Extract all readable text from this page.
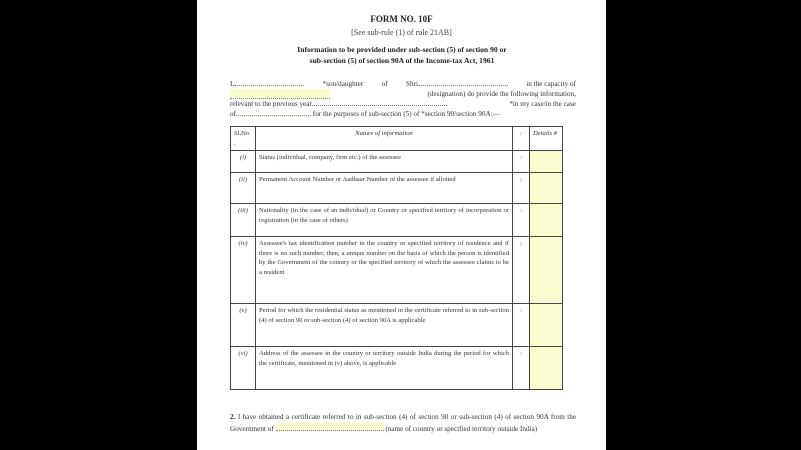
FORM NO. 10F
[See sub-rule (1) of rule 21AB]
Information to be provided under sub-section (5) of section 90 or
sub-section (5) of section 90A of the Income-tax Act, 1961
I,	*son/daughter	of	Shri	in the capacity of
(designation) do provide the following information,
relevant to the previous year	*in my case/in the case
of	for the purposes of sub-section (5) of *section 90/section 90A:—
Sl.No .	Nature of information	:	Details #
(i)	Status (individual, company, firm etc.) of the assessee	:	
(ii)	Permanent Account Number or Aadhaar Number of the assessee if allotted	:	
(iii)	Nationality (in the case of an individual) or Country or specified territory of incorporation or registration (in the case of others)	:	
(iv)	Assessee's tax identification number in the country or specified territory of residence and if there is no such number, then, a unique number on the basis of which the person is identified by the Government of the country or the specified territory of which the assessee claims to be a resident	:	
(v)	Period for which the residential status as mentioned in the certificate referred to in sub-section (4) of section 90 or sub-section (4) of section 90A is applicable	:	
(vi)	Address of the assessee in the country or territory outside India during the period for which the certificate, mentioned in (v) above, is applicable	:	
2. I have obtained a certificate referred to in sub-section (4) of section 90 or sub-section (4) of section 90A from the Government of	(name of country or specified territory outside India)
